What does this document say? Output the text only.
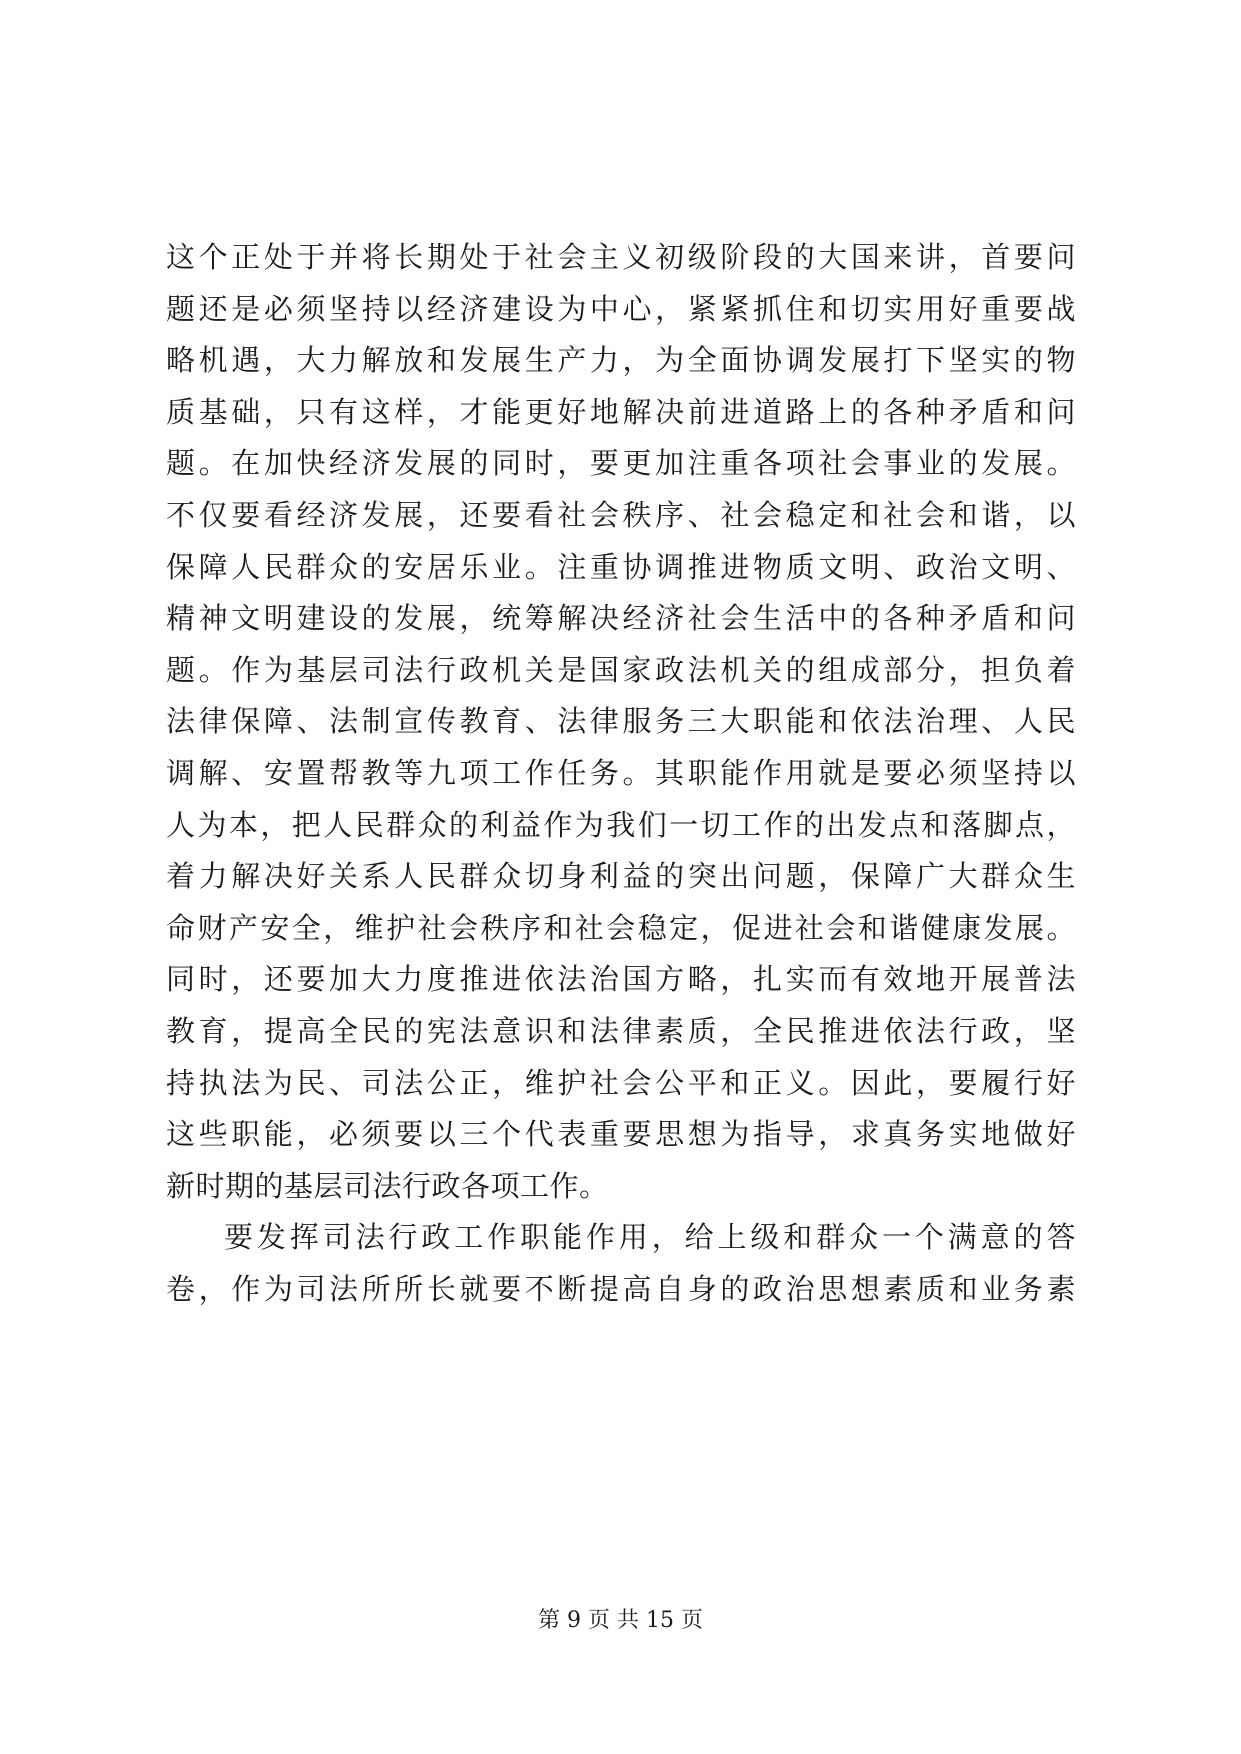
这个正处于并将长期处于社会主义初级阶段的大国来讲，首要问
题还是必须坚持以经济建设为中心，紧紧抓住和切实用好重要战
略机遇，大力解放和发展生产力，为全面协调发展打下坚实的物
质基础，只有这样，才能更好地解决前进道路上的各种矛盾和问
题。在加快经济发展的同时，要更加注重各项社会事业的发展。
不仅要看经济发展，还要看社会秩序、社会稳定和社会和谐，以
保障人民群众的安居乐业。注重协调推进物质文明、政治文明、
精神文明建设的发展，统筹解决经济社会生活中的各种矛盾和问
题。作为基层司法行政机关是国家政法机关的组成部分，担负着
法律保障、法制宣传教育、法律服务三大职能和依法治理、人民
调解、安置帮教等九项工作任务。其职能作用就是要必须坚持以
人为本，把人民群众的利益作为我们一切工作的出发点和落脚点，
着力解决好关系人民群众切身利益的突出问题，保障广大群众生
命财产安全，维护社会秩序和社会稳定，促进社会和谐健康发展。
同时，还要加大力度推进依法治国方略，扎实而有效地开展普法
教育，提高全民的宪法意识和法律素质，全民推进依法行政，坚
持执法为民、司法公正，维护社会公平和正义。因此，要履行好
这些职能，必须要以三个代表重要思想为指导，求真务实地做好
新时期的基层司法行政各项工作。
要发挥司法行政工作职能作用，给上级和群众一个满意的答
卷，作为司法所所长就要不断提高自身的政治思想素质和业务素
第 9 页 共 15 页
